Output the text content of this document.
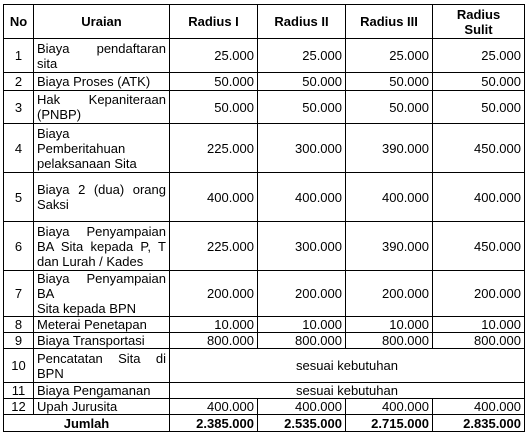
No	Uraian	Radius I	Radius II	Radius III	Radius
Sulit

1	Biaya pendaftaran
sita	25.000	25.000	25.000	25.000
2	Biaya Proses (ATK)	50.000	50.000	50.000	50.000
3	Hak Kepaniteraan
(PNBP)	50.000	50.000	50.000	50.000
4	Biaya
Pemberitahuan
pelaksanaan Sita	225.000	300.000	390.000	450.000
5	Biaya 2 (dua) orang
Saksi	400.000	400.000	400.000	400.000
6	Biaya Penyampaian
BA Sita kepada P, T
dan Lurah / Kades	225.000	300.000	390.000	450.000
7	Biaya Penyampaian BA
Sita kepada BPN	200.000	200.000	200.000	200.000
8	Meterai Penetapan	10.000	10.000	10.000	10.000
9	Biaya Transportasi	800.000	800.000	800.000	800.000
10	Pencatatan Sita di
BPN	sesuai kebutuhan			
11	Biaya Pengamanan	sesuai kebutuhan			
12	Upah Jurusita	400.000	400.000	400.000	400.000
Jumlah		2.385.000	2.535.000	2.715.000	2.835.000
